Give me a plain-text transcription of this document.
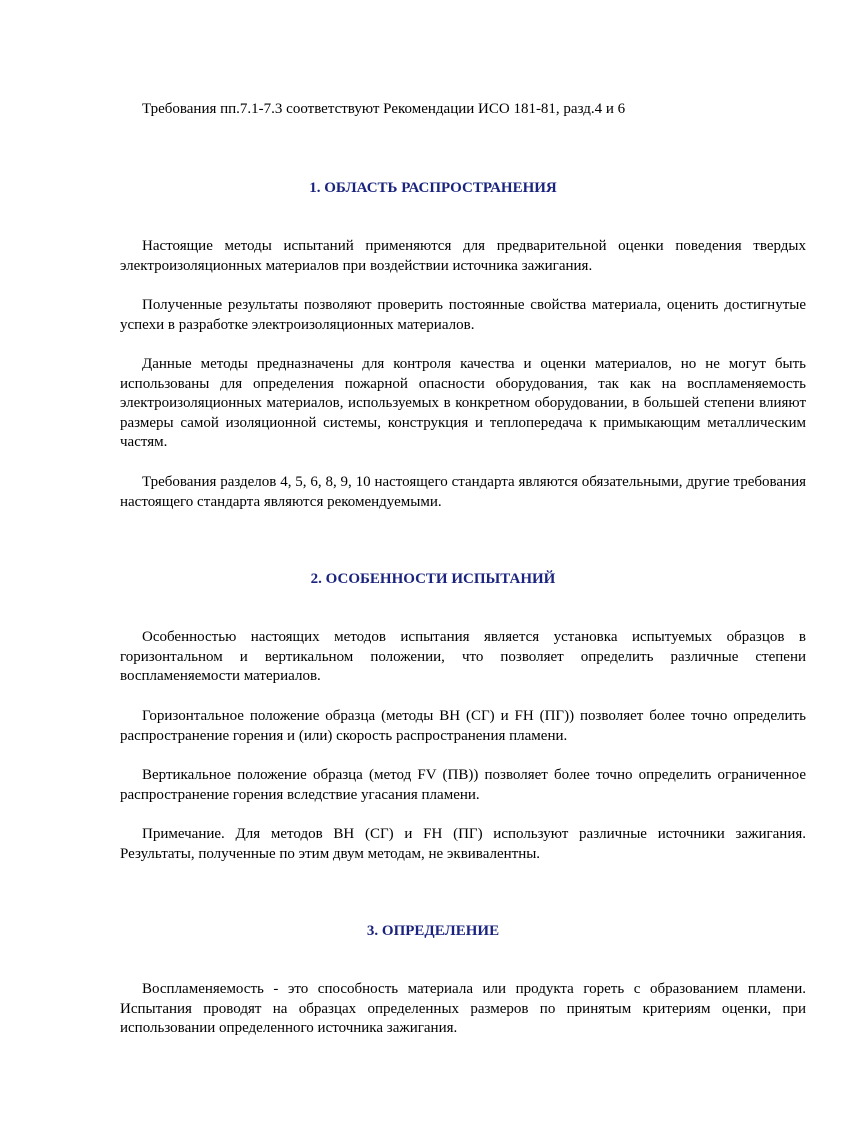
Требования пп.7.1-7.3 соответствуют Рекомендации ИСО 181-81, разд.4 и 6
1. ОБЛАСТЬ РАСПРОСТРАНЕНИЯ

Настоящие методы испытаний применяются для предварительной оценки поведения твердых электроизоляционных материалов при воздействии источника зажигания.

Полученные результаты позволяют проверить постоянные свойства материала, оценить достигнутые успехи в разработке электроизоляционных материалов.

Данные методы предназначены для контроля качества и оценки материалов, но не могут быть использованы для определения пожарной опасности оборудования, так как на воспламеняемость электроизоляционных материалов, используемых в конкретном оборудовании, в большей степени влияют размеры самой изоляционной системы, конструкция и теплопередача к примыкающим металлическим частям.

Требования разделов 4, 5, 6, 8, 9, 10 настоящего стандарта являются обязательными, другие требования настоящего стандарта являются рекомендуемыми.

2. ОСОБЕННОСТИ ИСПЫТАНИЙ

Особенностью настоящих методов испытания является установка испытуемых образцов в горизонтальном и вертикальном положении, что позволяет определить различные степени воспламеняемости материалов.

Горизонтальное положение образца (методы ВН (СГ) и FH (ПГ)) позволяет более точно определить распространение горения и (или) скорость распространения пламени.

Вертикальное положение образца (метод FV (ПВ)) позволяет более точно определить ограниченное распространение горения вследствие угасания пламени.

Примечание. Для методов ВН (СГ) и FH (ПГ) используют различные источники зажигания. Результаты, полученные по этим двум методам, не эквивалентны.

3. ОПРЕДЕЛЕНИЕ

Воспламеняемость - это способность материала или продукта гореть с образованием пламени. Испытания проводят на образцах определенных размеров по принятым критериям оценки, при использовании определенного источника зажигания.
